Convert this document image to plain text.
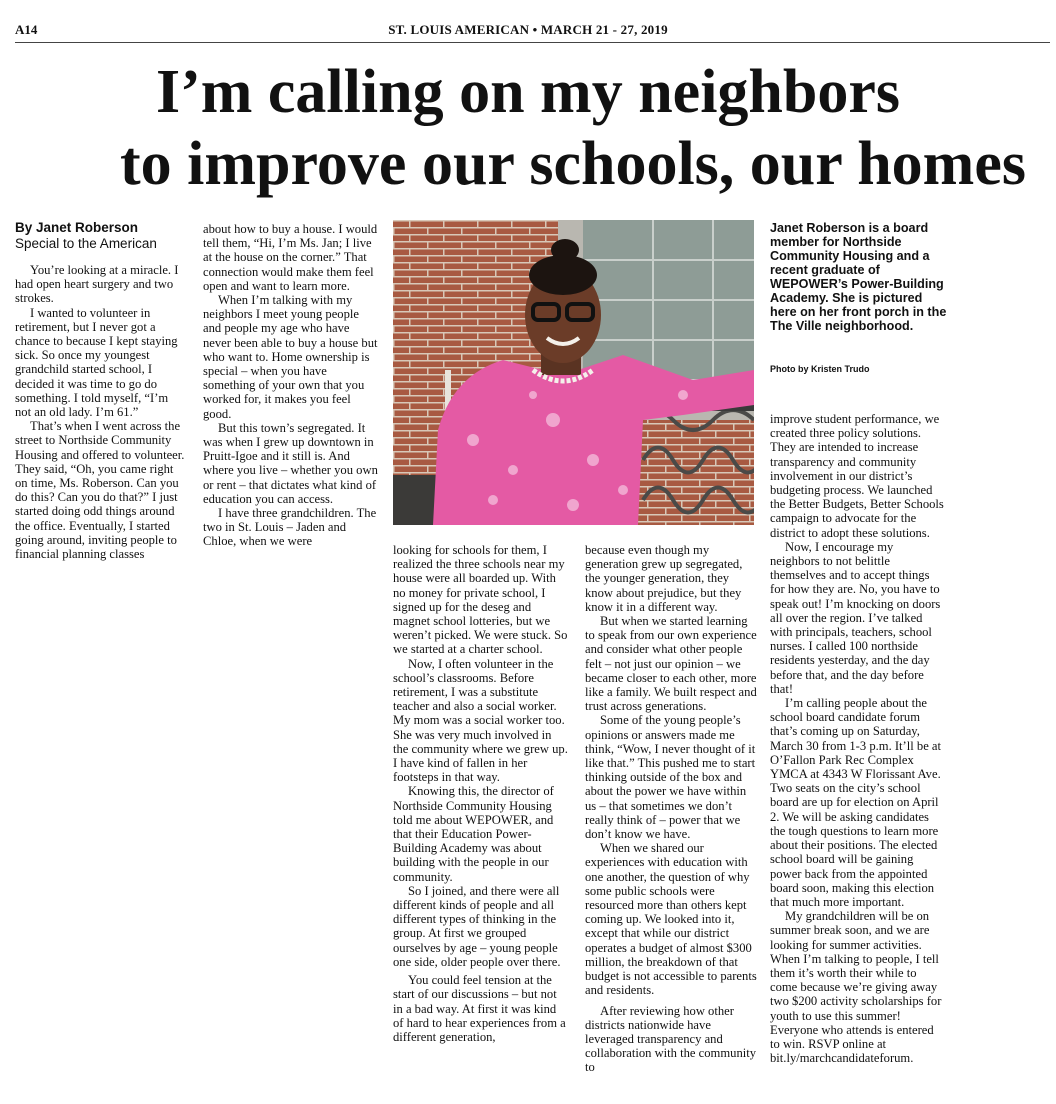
A14	ST. LOUIS AMERICAN • MARCH 21 - 27, 2019
I’m calling on my neighbors
to improve our schools, our homes
By Janet Roberson
Special to the American

You’re looking at a miracle. I had open heart surgery and two strokes.

I wanted to volunteer in retirement, but I never got a chance to because I kept staying sick. So once my youngest grandchild started school, I decided it was time to go do something. I told myself, “I’m not an old lady. I’m 61.”

That’s when I went across the street to Northside Community Housing and offered to volunteer. They said, “Oh, you came right on time, Ms. Roberson. Can you do this? Can you do that?” I just started doing odd things around the office. Eventually, I started going around, inviting people to financial planning classes

about how to buy a house. I would tell them, “Hi, I’m Ms. Jan; I live at the house on the corner.” That connection would make them feel open and want to learn more.

When I’m talking with my neighbors I meet young people and people my age who have never been able to buy a house but who want to. Home ownership is special – when you have something of your own that you worked for, it makes you feel good.

But this town’s segregated. It was when I grew up downtown in Pruitt-Igoe and it still is. And where you live – whether you own or rent – that dictates what kind of education you can access.

I have three grandchildren. The two in St. Louis – Jaden and Chloe, when we were

Janet Roberson is a board member for Northside Community Housing and a recent graduate of WEPOWER’s Power-Building Academy. She is pictured here on her front porch in the The Ville neighborhood.
Photo by Kristen Trudo

looking for schools for them, I realized the three schools near my house were all boarded up. With no money for private school, I signed up for the deseg and magnet school lotteries, but we weren’t picked. We were stuck. So we started at a charter school.

Now, I often volunteer in the school’s classrooms. Before retirement, I was a substitute teacher and also a social worker. My mom was a social worker too. She was very much involved in the community where we grew up. I have kind of fallen in her footsteps in that way.

Knowing this, the director of Northside Community Housing told me about WEPOWER, and that their Education Power-Building Academy was about building with the people in our community.

So I joined, and there were all different kinds of people and all different types of thinking in the group. At first we grouped ourselves by age – young people one side, older people over there.

You could feel tension at the start of our discussions – but not in a bad way. At first it was kind of hard to hear experiences from a different generation,

because even though my generation grew up segregated, the younger generation, they know about prejudice, but they know it in a different way.

But when we started learning to speak from our own experience and consider what other people felt – not just our opinion – we became closer to each other, more like a family. We built respect and trust across generations.

Some of the young people’s opinions or answers made me think, “Wow, I never thought of it like that.” This pushed me to start thinking outside of the box and about the power we have within us – that sometimes we don’t really think of – power that we don’t know we have.

When we shared our experiences with education with one another, the question of why some public schools were resourced more than others kept coming up. We looked into it, except that while our district operates a budget of almost $300 million, the breakdown of that budget is not accessible to parents and residents.

After reviewing how other districts nationwide have leveraged transparency and collaboration with the community to

improve student performance, we created three policy solutions. They are intended to increase transparency and community involvement in our district’s budgeting process. We launched the Better Budgets, Better Schools campaign to advocate for the district to adopt these solutions.

Now, I encourage my neighbors to not belittle themselves and to accept things for how they are. No, you have to speak out! I’m knocking on doors all over the region. I’ve talked with principals, teachers, school nurses. I called 100 northside residents yesterday, and the day before that, and the day before that!

I’m calling people about the school board candidate forum that’s coming up on Saturday, March 30 from 1-3 p.m. It’ll be at O’Fallon Park Rec Complex YMCA at 4343 W Florissant Ave. Two seats on the city’s school board are up for election on April 2. We will be asking candidates the tough questions to learn more about their positions. The elected school board will be gaining power back from the appointed board soon, making this election that much more important.

My grandchildren will be on summer break soon, and we are looking for summer activities. When I’m talking to people, I tell them it’s worth their while to come because we’re giving away two $200 activity scholarships for youth to use this summer! Everyone who attends is entered to win. RSVP online at bit.ly/marchcandidateforum.
